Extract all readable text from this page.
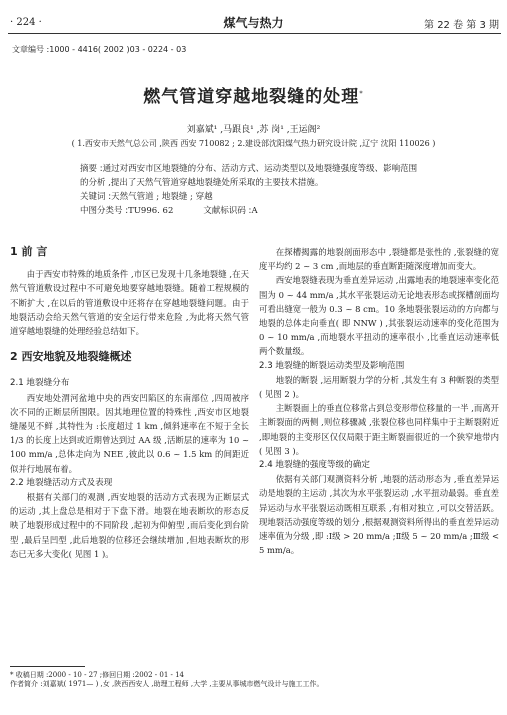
· 224 ·	煤气与热力	第 22 卷 第 3 期
文章编号 :1000 - 4416( 2002 )03 - 0224 - 03
燃气管道穿越地裂缝的处理*
刘嘉斌¹ ,马跟良¹ ,苏 岗¹ ,王运阁²
( 1.西安市天然气总公司 ,陕西 西安 710082 ; 2.建设部沈阳煤气热力研究设计院 ,辽宁 沈阳 110026 )
摘要 :通过对西安市区地裂缝的分布、活动方式、运动类型以及地裂缝强度等级、影响范围
的分析 ,提出了天然气管道穿越地裂缝处所采取的主要技术措施。
关键词 :天然气管道 ; 地裂缝 ; 穿越
中图分类号 :TU996. 62	文献标识码 :A

1 前 言

由于西安市特殊的地质条件 ,市区已发现十几条地裂缝 ,在天然气管道敷设过程中不可避免地要穿越地裂缝。随着工程规模的不断扩大 ,在以后的管道敷设中还将存在穿越地裂缝问题。由于地裂活动会给天然气管道的安全运行带来危险 ,为此将天然气管道穿越地裂缝的处理经验总结如下。

2 西安地貌及地裂缝概述

2.1 地裂缝分布

西安地处渭河盆地中央的西安凹陷区的东南部位 ,四周被序次不同的正断层所围限。因其地理位置的特殊性 ,西安市区地裂缝屡见不鲜 ,其特性为 :长度超过 1 km ,倾斜速率在不短于全长 1/3 的长度上达到或近期曾达到过 AA 级 ,活断层的速率为 10 ~ 100 mm/a ,总体走向为 NEE ,彼此以 0.6 ~ 1.5 km 的间距近似并行地展布着。

2.2 地裂缝活动方式及表现

根据有关部门的观测 ,西安地裂的活动方式表现为正断层式的运动 ,其上盘总是相对于下盘下滑。地裂在地表断坎的形态反映了地裂形成过程中的不同阶段 ,起初为仰俯型 ,而后变化到台阶型 ,最后呈凹型 ,此后地裂的位移还会继续增加 ,但地表断坎的形态已无多大变化( 见图 1 )。

在探槽揭露的地裂剖面形态中 ,裂缝都是张性的 ,张裂缝的宽度平均约 2 ~ 3 cm ,而地层的垂直断距随深度增加而变大。

西安地裂缝表现为垂直差异运动 ,出露地表的地裂速率变化范围为 0 ~ 44 mm/a ,其水平张裂运动无论地表形态或探槽剖面均可看出缝宽一般为 0.3 ~ 8 cm。10 条地裂张裂运动的方向都与地裂的总体走向垂直( 即 NNW ) ,其张裂运动速率的变化范围为 0 ~ 10 mm/a ,而地裂水平扭动的速率很小 ,比垂直运动速率低两个数量级。

2.3 地裂缝的断裂运动类型及影响范围

地裂的断裂 ,运用断裂力学的分析 ,其发生有 3 种断裂的类型( 见图 2 )。

主断裂面上的垂直位移常占到总变形带位移量的一半 ,而离开主断裂面的两侧 ,则位移骤减 ,张裂位移也同样集中于主断裂附近 ,即地裂的主变形区仅仅局限于距主断裂面很近的一个狭窄地带内( 见图 3 )。

2.4 地裂缝的强度等级的确定

依据有关部门观测资料分析 ,地裂的活动形态为 ,垂直差异运动是地裂的主运动 ,其次为水平张裂运动 ,水平扭动最弱。垂直差异运动与水平张裂运动既相互联系 ,有相对独立 ,可以交替活跃。现地裂活动强度等级的划分 ,根据观测资料所得出的垂直差异运动速率值为分级 ,即 :Ⅰ级 > 20 mm/a ;Ⅱ级 5 ~ 20 mm/a ;Ⅲ级 < 5 mm/a。

* 收稿日期 :2000 - 10 - 27 ;修回日期 :2002 - 01 - 14
作者简介 :刘嘉斌( 1971— ) ,女 ,陕西西安人 ,助理工程师 ,大学 ,主要从事城市燃气设计与施工工作。
